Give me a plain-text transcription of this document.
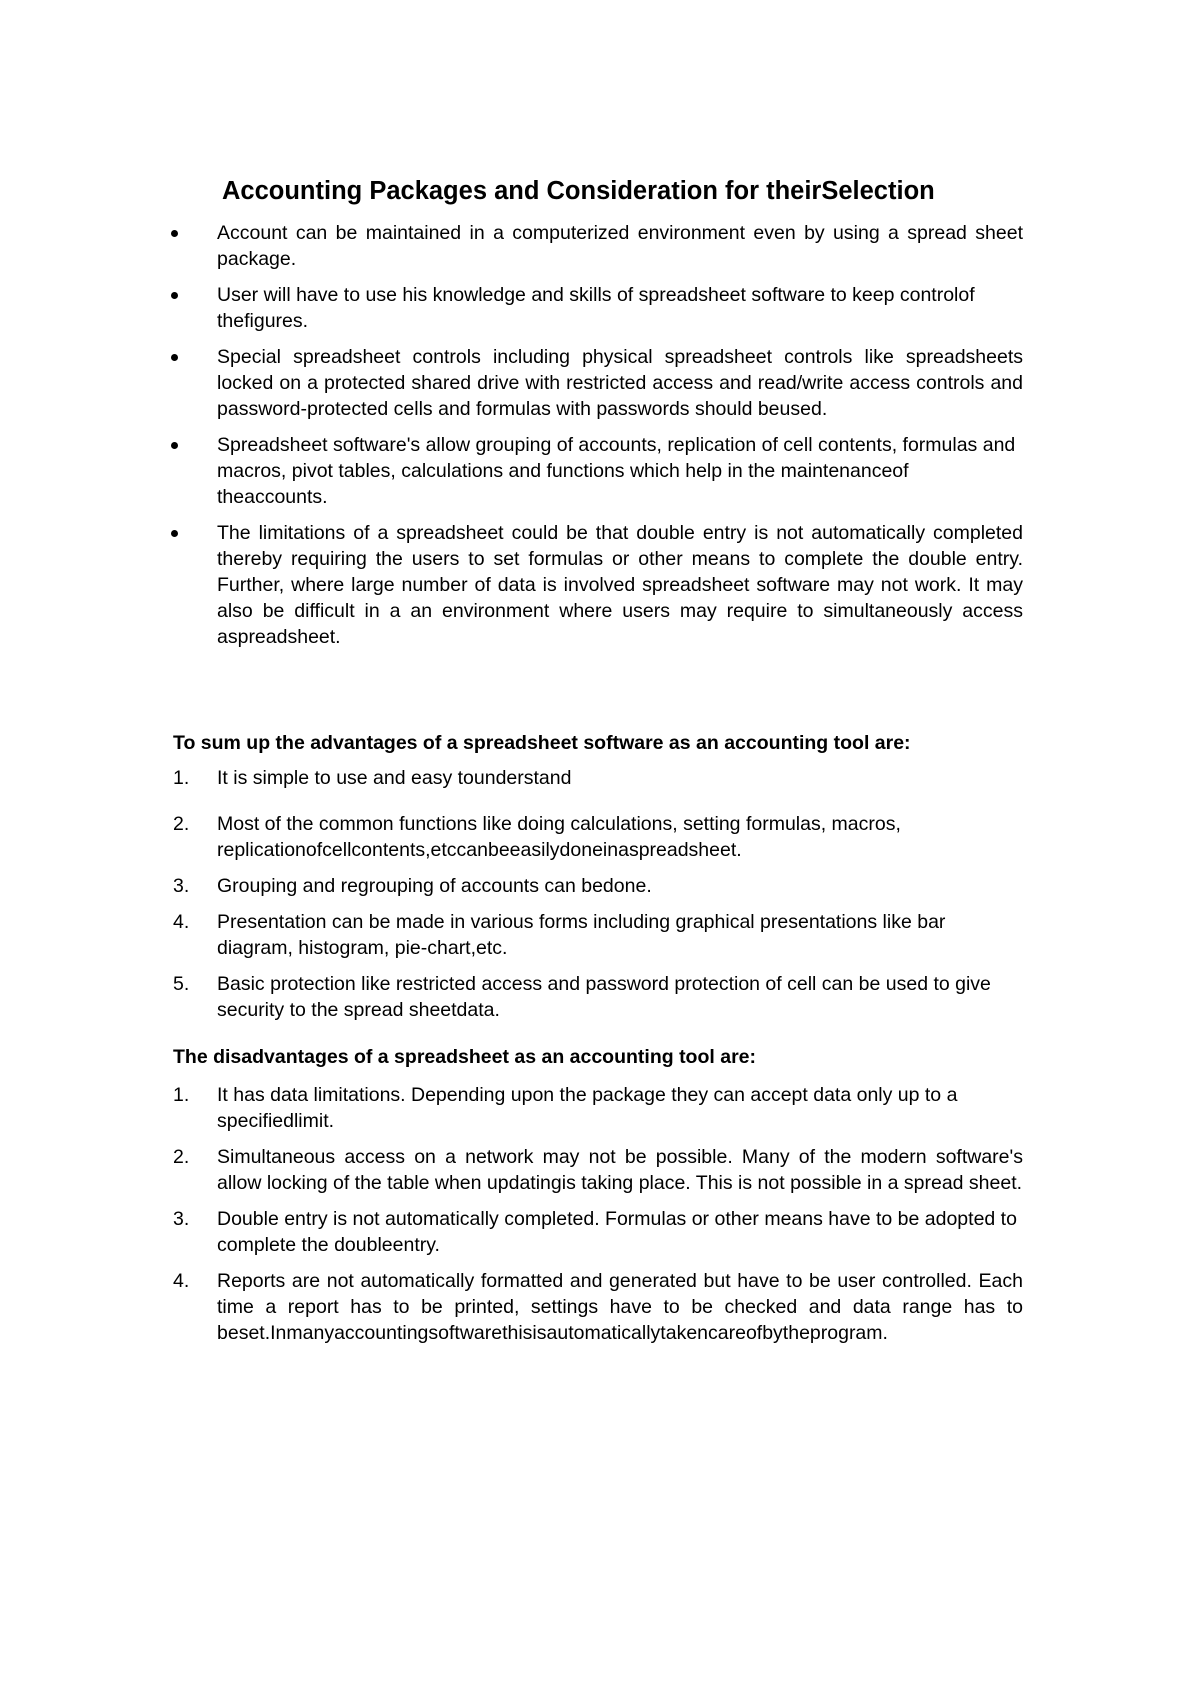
Accounting Packages and Consideration for theirSelection
Account can be maintained in a computerized environment even by using a spread sheet package.
User will have to use his knowledge and skills of spreadsheet software to keep controlof thefigures.
Special spreadsheet controls including physical spreadsheet controls like spreadsheets locked on a protected shared drive with restricted access and read/write access controls and password-protected cells and formulas with passwords should beused.
Spreadsheet software's allow grouping of accounts, replication of cell contents, formulas and macros, pivot tables, calculations and functions which help in the maintenanceof theaccounts.
The limitations of a spreadsheet could be that double entry is not automatically completed thereby requiring the users to set formulas or other means to complete the double entry. Further, where large number of data is involved spreadsheet software may not work. It may also be difficult in a an environment where users may require to simultaneously access aspreadsheet.
To sum up the advantages of a spreadsheet software as an accounting tool are:
1. It is simple to use and easy tounderstand
2. Most of the common functions like doing calculations, setting formulas, macros, replicationofcellcontents,etccanbeeasilydoneinaspreadsheet.
3. Grouping and regrouping of accounts can bedone.
4. Presentation can be made in various forms including graphical presentations like bar diagram, histogram, pie-chart,etc.
5. Basic protection like restricted access and password protection of cell can be used to give security to the spread sheetdata.
The disadvantages of a spreadsheet as an accounting tool are:
1. It has data limitations. Depending upon the package they can accept data only up to a specifiedlimit.
2. Simultaneous access on a network may not be possible. Many of the modern software's allow locking of the table when updatingis taking place. This is not possible in a spread sheet.
3. Double entry is not automatically completed. Formulas or other means have to be adopted to complete the doubleentry.
4. Reports are not automatically formatted and generated but have to be user controlled. Each time a report has to be printed, settings have to be checked and data range has to
beset.Inmanyaccountingsoftwarethisisautomaticallytakencareofbytheprogram.
